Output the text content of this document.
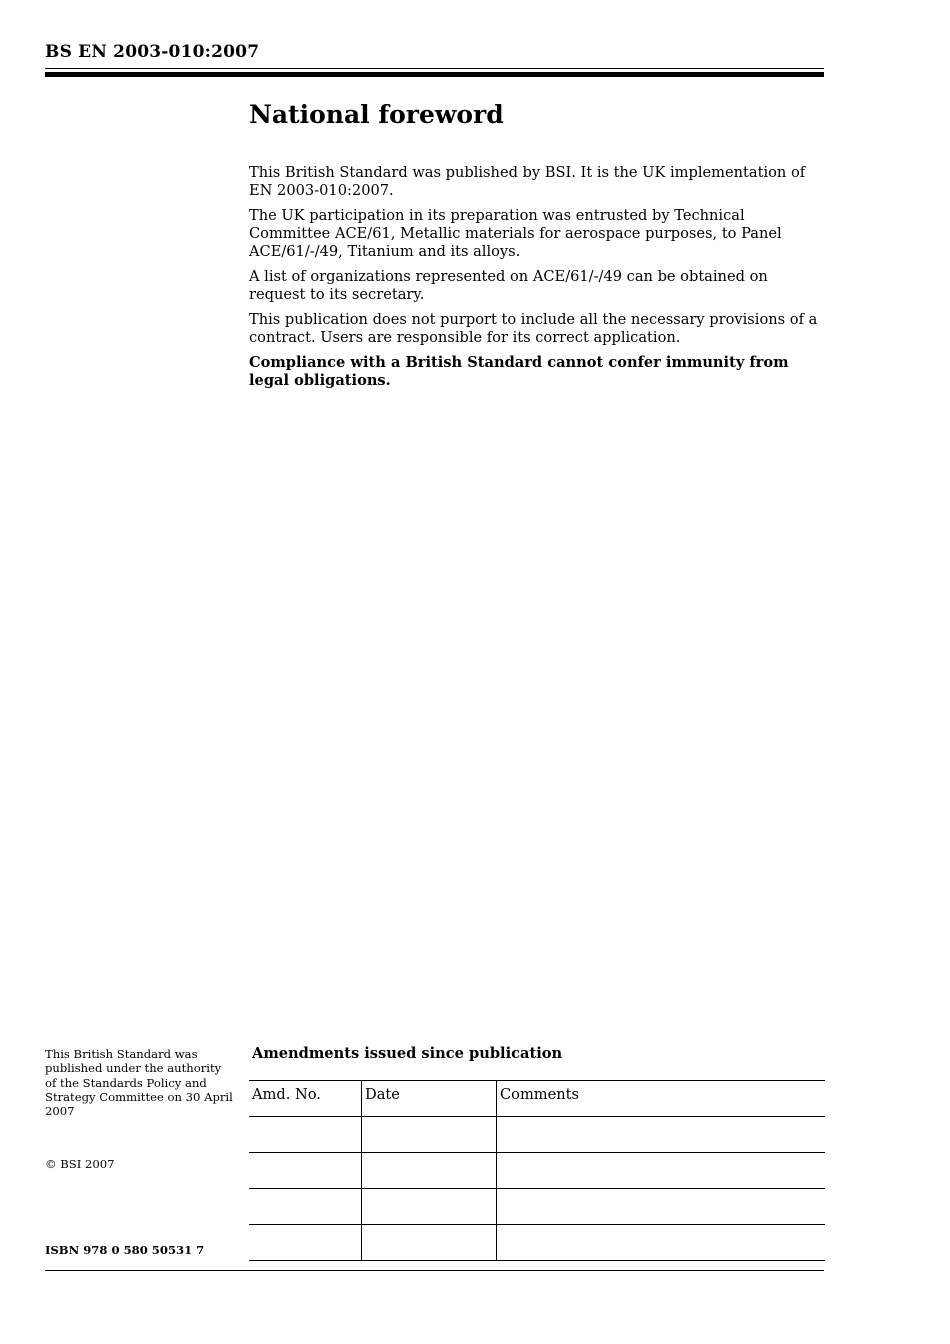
BS EN 2003-010:2007
National foreword

This British Standard was published by BSI. It is the UK implementation of EN 2003-010:2007.

The UK participation in its preparation was entrusted by Technical Committee ACE/61, Metallic materials for aerospace purposes, to Panel ACE/61/-/49, Titanium and its alloys.

A list of organizations represented on ACE/61/-/49 can be obtained on request to its secretary.

This publication does not purport to include all the necessary provisions of a contract. Users are responsible for its correct application.

Compliance with a British Standard cannot confer immunity from legal obligations.

This British Standard was published under the authority of the Standards Policy and Strategy Committee on 30 April 2007
© BSI 2007
ISBN 978 0 580 50531 7
Amendments issued since publication
Amd. No.	Date	Comments
